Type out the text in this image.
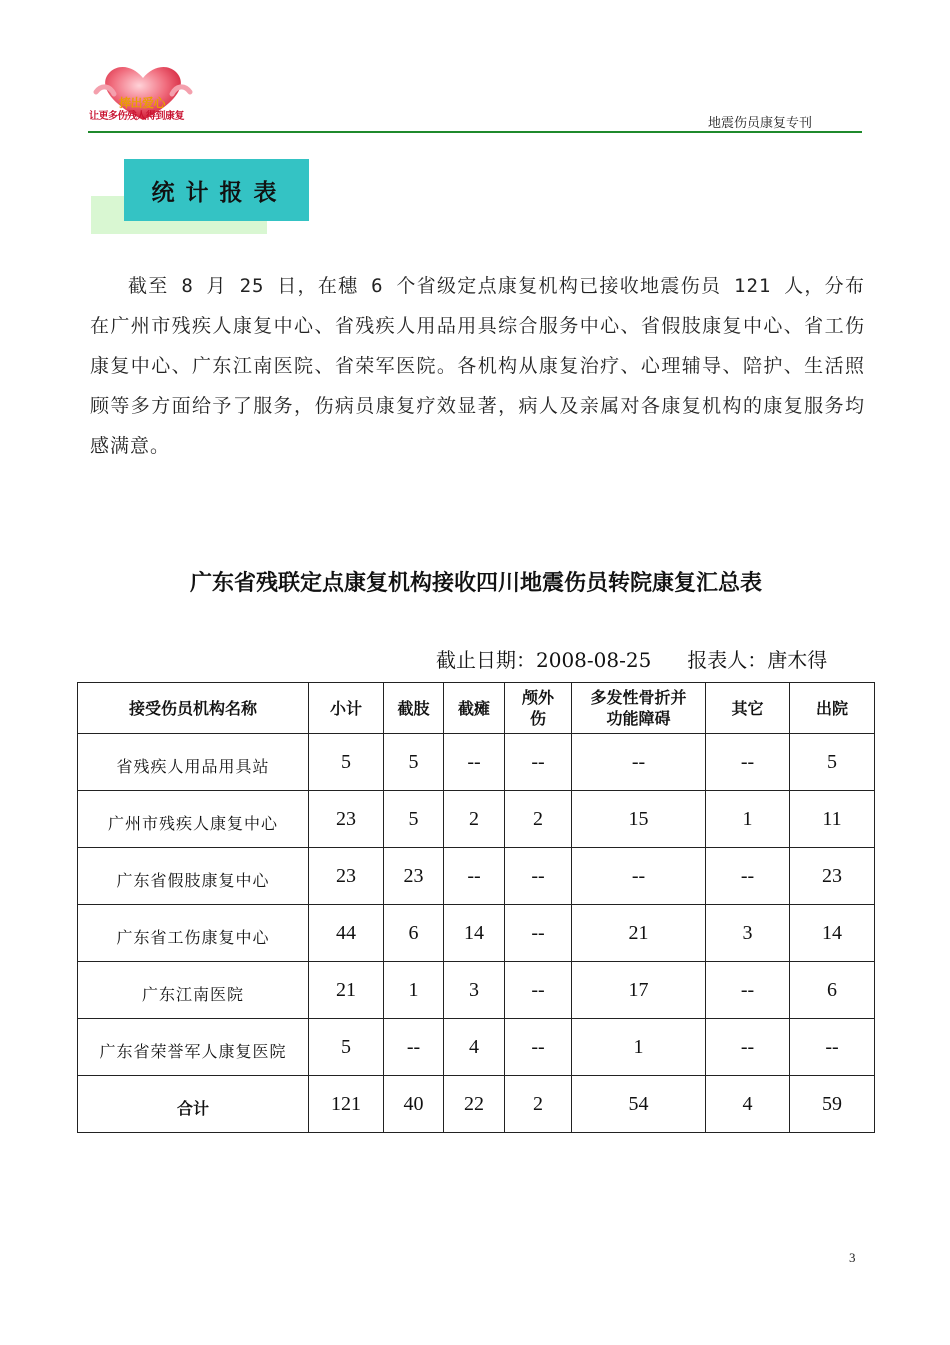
捧出爱心
让更多伤残人得到康复	地震伤员康复专刊
统计报表
截至 8 月 25 日，在穗 6 个省级定点康复机构已接收地震伤员 121 人，分布在广州市残疾人康复中心、省残疾人用品用具综合服务中心、省假肢康复中心、省工伤康复中心、广东江南医院、省荣军医院。各机构从康复治疗、心理辅导、陪护、生活照顾等多方面给予了服务，伤病员康复疗效显著，病人及亲属对各康复机构的康复服务均感满意。
广东省残联定点康复机构接收四川地震伤员转院康复汇总表
截止日期：2008-08-25 报表人：唐木得
接受伤员机构名称	小计	截肢	截瘫	颅外伤	多发性骨折并功能障碍	其它	出院
省残疾人用品用具站	5	5	--	--	--	--	5
广州市残疾人康复中心	23	5	2	2	15	1	11
广东省假肢康复中心	23	23	--	--	--	--	23
广东省工伤康复中心	44	6	14	--	21	3	14
广东江南医院	21	1	3	--	17	--	6
广东省荣誉军人康复医院	5	--	4	--	1	--	--
合计	121	40	22	2	54	4	59
3
